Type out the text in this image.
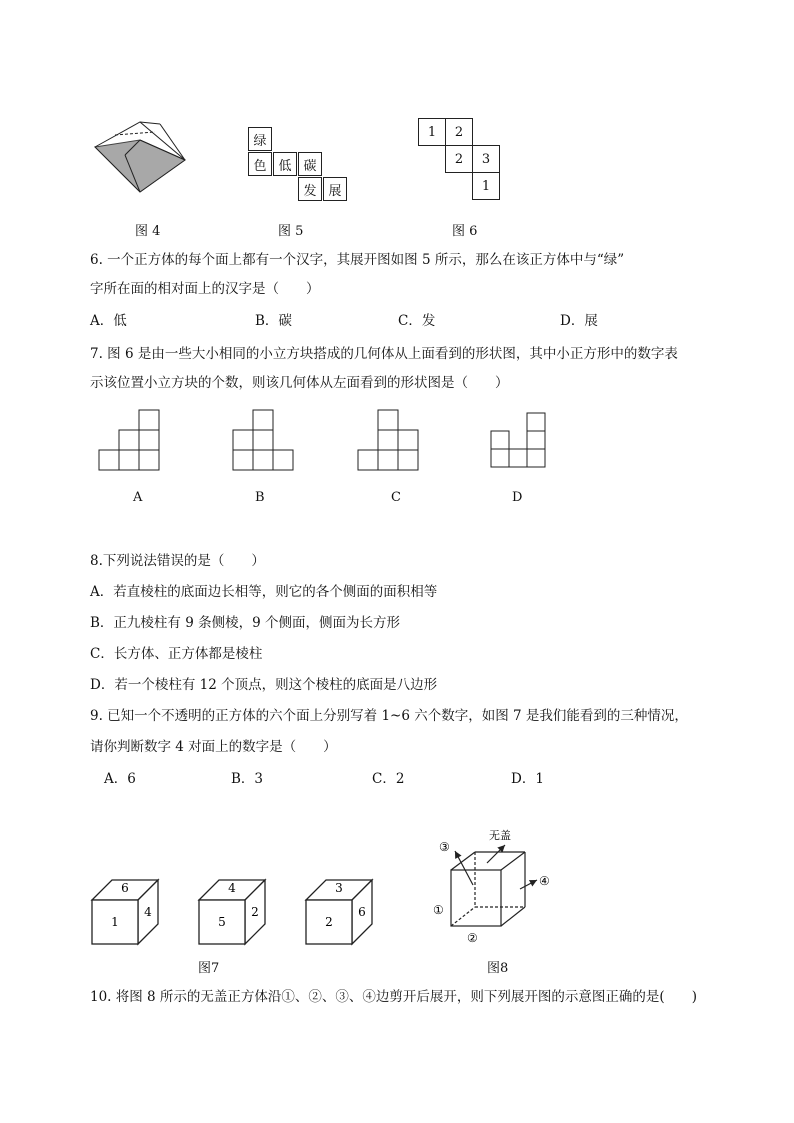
图 4
绿
色 低 碳
发 展
图 5
1	2
2	3
1
图 6
6. 一个正方体的每个面上都有一个汉字，其展开图如图 5 所示，那么在该正方体中与“绿”
字所在面的相对面上的汉字是（　　）
A．低	B．碳	C．发	D．展
7. 图 6 是由一些大小相同的小立方块搭成的几何体从上面看到的形状图，其中小正方形中的数字表
示该位置小立方块的个数，则该几何体从左面看到的形状图是（　　）
A	B	C	D
8.下列说法错误的是（　　）
A．若直棱柱的底面边长相等，则它的各个侧面的面积相等
B．正九棱柱有 9 条侧棱，9 个侧面，侧面为长方形
C．长方体、正方体都是棱柱
D．若一个棱柱有 12 个顶点，则这个棱柱的底面是八边形
9. 已知一个不透明的正方体的六个面上分别写着 1~6 六个数字，如图 7 是我们能看到的三种情况，
请你判断数字 4 对面上的数字是（　　）
A．6	B．3	C．2	D．1
6
1
4
4
5
2
3
2
6
图7
无盖
①
②
③
④
图8
10. 将图 8 所示的无盖正方体沿①、②、③、④边剪开后展开，则下列展开图的示意图正确的是(　　)
